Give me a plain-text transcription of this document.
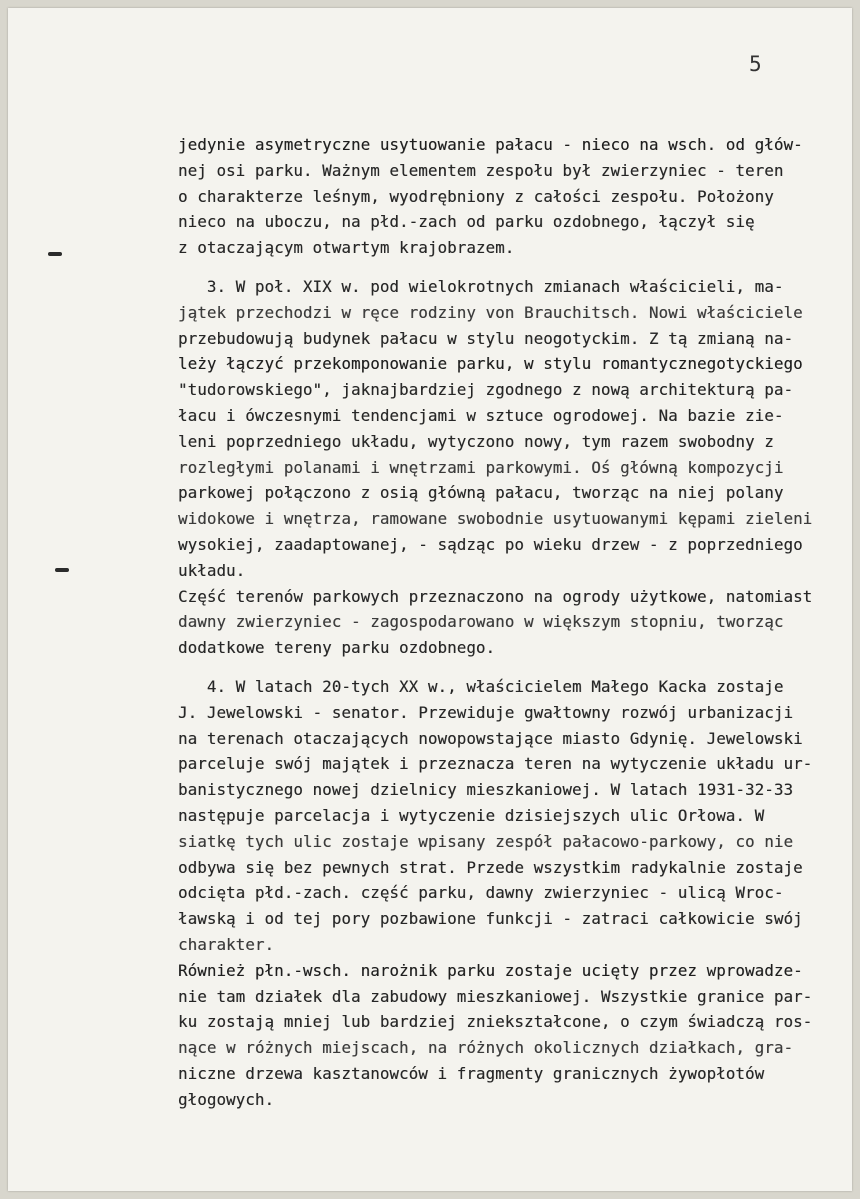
5
jedynie asymetryczne usytuowanie pałacu - nieco na wsch. od głów-
nej osi parku. Ważnym elementem zespołu był zwierzyniec - teren
o charakterze leśnym, wyodrębniony z całości zespołu. Położony
nieco na uboczu, na płd.-zach od parku ozdobnego, łączył się
z otaczającym otwartym krajobrazem.
3. W poł. XIX w. pod wielokrotnych zmianach właścicieli, ma-
jątek przechodzi w ręce rodziny von Brauchitsch. Nowi właściciele
przebudowują budynek pałacu w stylu neogotyckim. Z tą zmianą na-
leży łączyć przekomponowanie parku, w stylu romantycznegotyckiego
"tudorowskiego", jaknajbardziej zgodnego z nową architekturą pa-
łacu i ówczesnymi tendencjami w sztuce ogrodowej. Na bazie zie-
leni poprzedniego układu, wytyczono nowy, tym razem swobodny z
rozległymi polanami i wnętrzami parkowymi. Oś główną kompozycji
parkowej połączono z osią główną pałacu, tworząc na niej polany
widokowe i wnętrza, ramowane swobodnie usytuowanymi kępami zieleni
wysokiej, zaadaptowanej, - sądząc po wieku drzew - z poprzedniego
układu.
Część terenów parkowych przeznaczono na ogrody użytkowe, natomiast
dawny zwierzyniec - zagospodarowano w większym stopniu, tworząc
dodatkowe tereny parku ozdobnego.
4. W latach 20-tych XX w., właścicielem Małego Kacka zostaje
J. Jewelowski - senator. Przewiduje gwałtowny rozwój urbanizacji
na terenach otaczających nowopowstające miasto Gdynię. Jewelowski
parceluje swój majątek i przeznacza teren na wytyczenie układu ur-
banistycznego nowej dzielnicy mieszkaniowej. W latach 1931-32-33
następuje parcelacja i wytyczenie dzisiejszych ulic Orłowa. W
siatkę tych ulic zostaje wpisany zespół pałacowo-parkowy, co nie
odbywa się bez pewnych strat. Przede wszystkim radykalnie zostaje
odcięta płd.-zach. część parku, dawny zwierzyniec - ulicą Wroc-
ławską i od tej pory pozbawione funkcji - zatraci całkowicie swój
charakter.
Również płn.-wsch. narożnik parku zostaje ucięty przez wprowadze-
nie tam działek dla zabudowy mieszkaniowej. Wszystkie granice par-
ku zostają mniej lub bardziej zniekształcone, o czym świadczą ros-
nące w różnych miejscach, na różnych okolicznych działkach, gra-
niczne drzewa kasztanowców i fragmenty granicznych żywopłotów
głogowych.
